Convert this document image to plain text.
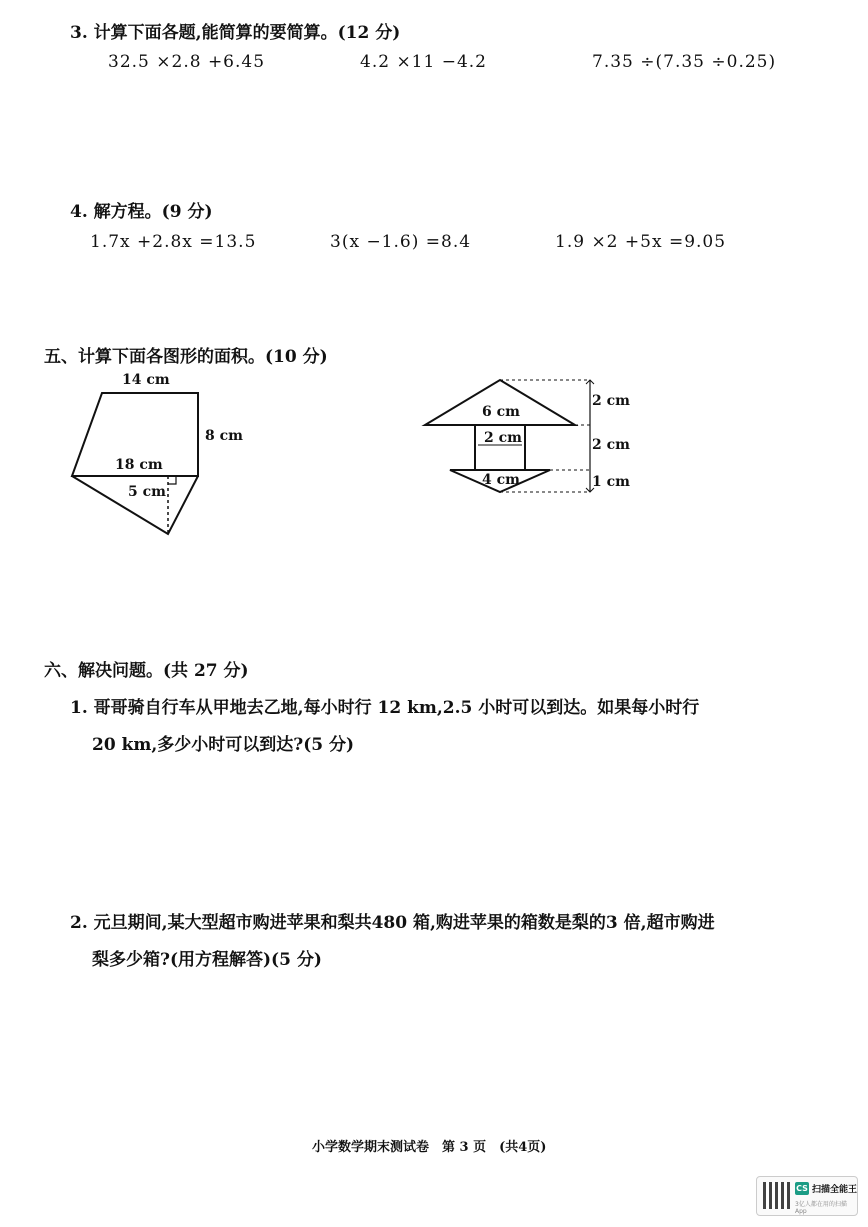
3. 计算下面各题,能简算的要简算。(12 分)
32.5 ×2.8 +6.45	4.2 ×11 −4.2	7.35 ÷(7.35 ÷0.25)
4. 解方程。(9 分)
1.7x +2.8x =13.5	3(x −1.6) =8.4	1.9 ×2 +5x =9.05
五、计算下面各图形的面积。(10 分)
14 cm
8 cm
18 cm
5 cm
6 cm
2 cm
4 cm
2 cm
2 cm
1 cm
六、解决问题。(共 27 分)
1. 哥哥骑自行车从甲地去乙地,每小时行 12 km,2.5 小时可以到达。如果每小时行
20 km,多少小时可以到达?(5 分)
2. 元旦期间,某大型超市购进苹果和梨共480 箱,购进苹果的箱数是梨的3 倍,超市购进
梨多少箱?(用方程解答)(5 分)
小学数学期末测试卷　第 3 页　(共4页)
CS 扫描全能王
3亿人都在用的扫描App
